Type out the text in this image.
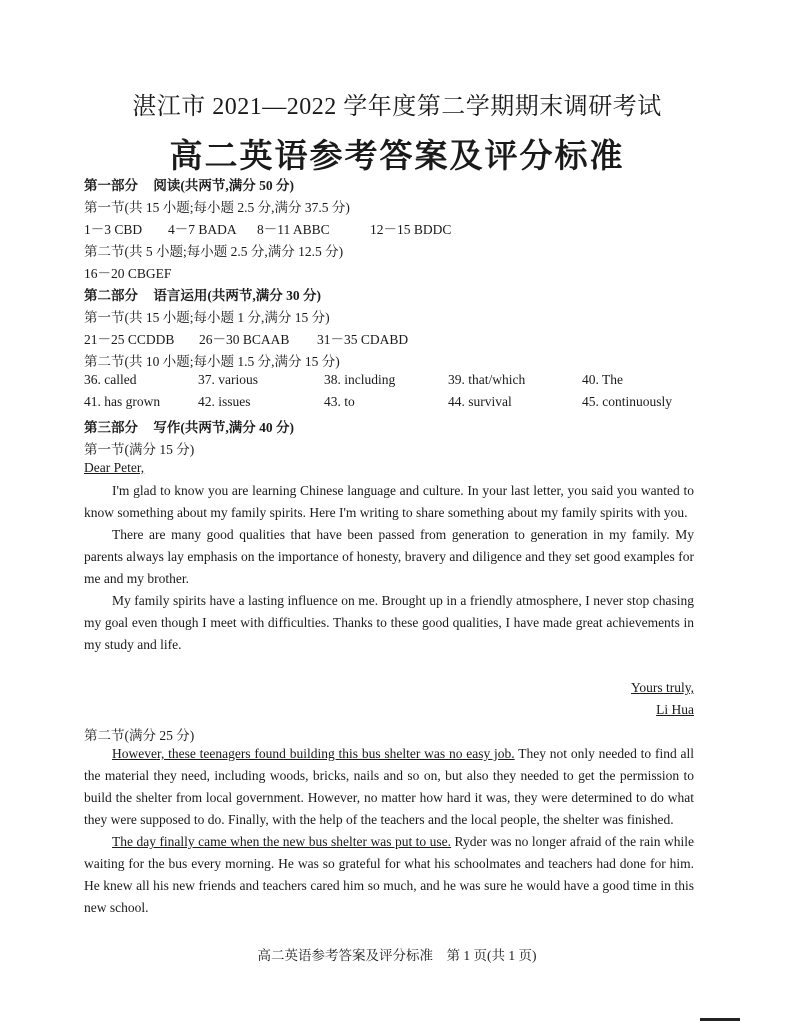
湛江市 2021—2022 学年度第二学期期末调研考试
高二英语参考答案及评分标准
第一部分 阅读(共两节,满分 50 分)
第一节(共 15 小题;每小题 2.5 分,满分 37.5 分)
1－3 CBD 4－7 BADA 8－11 ABBC	12－15 BDDC
第二节(共 5 小题;每小题 2.5 分,满分 12.5 分)
16－20 CBGEF
第二部分 语言运用(共两节,满分 30 分)
第一节(共 15 小题;每小题 1 分,满分 15 分)
21－25 CCDDB 26－30 BCAAB 31－35 CDABD
第二节(共 10 小题;每小题 1.5 分,满分 15 分)
36. called	37. various	38. including	39. that/which	40. The
41. has grown	42. issues	43. to	44. survival	45. continuously
第三部分 写作(共两节,满分 40 分)
第一节(满分 15 分)
Dear Peter,

I'm glad to know you are learning Chinese language and culture. In your last letter, you said you wanted to know something about my family spirits. Here I'm writing to share something about my family spirits with you.

There are many good qualities that have been passed from generation to generation in my family. My parents always lay emphasis on the importance of honesty, bravery and diligence and they set good examples for me and my brother.

My family spirits have a lasting influence on me. Brought up in a friendly atmosphere, I never stop chasing my goal even though I meet with difficulties. Thanks to these good qualities, I have made great achievements in my study and life.

Yours truly,
Li Hua
第二节(满分 25 分)

However, these teenagers found building this bus shelter was no easy job. They not only needed to find all the material they need, including woods, bricks, nails and so on, but also they needed to get the permission to build the shelter from local government. However, no matter how hard it was, they were determined to do what they were supposed to do. Finally, with the help of the teachers and the local people, the shelter was finished.

The day finally came when the new bus shelter was put to use. Ryder was no longer afraid of the rain while waiting for the bus every morning. He was so grateful for what his schoolmates and teachers had done for him. He knew all his new friends and teachers cared him so much, and he was sure he would have a good time in this new school.

高二英语参考答案及评分标准　第 1 页(共 1 页)
